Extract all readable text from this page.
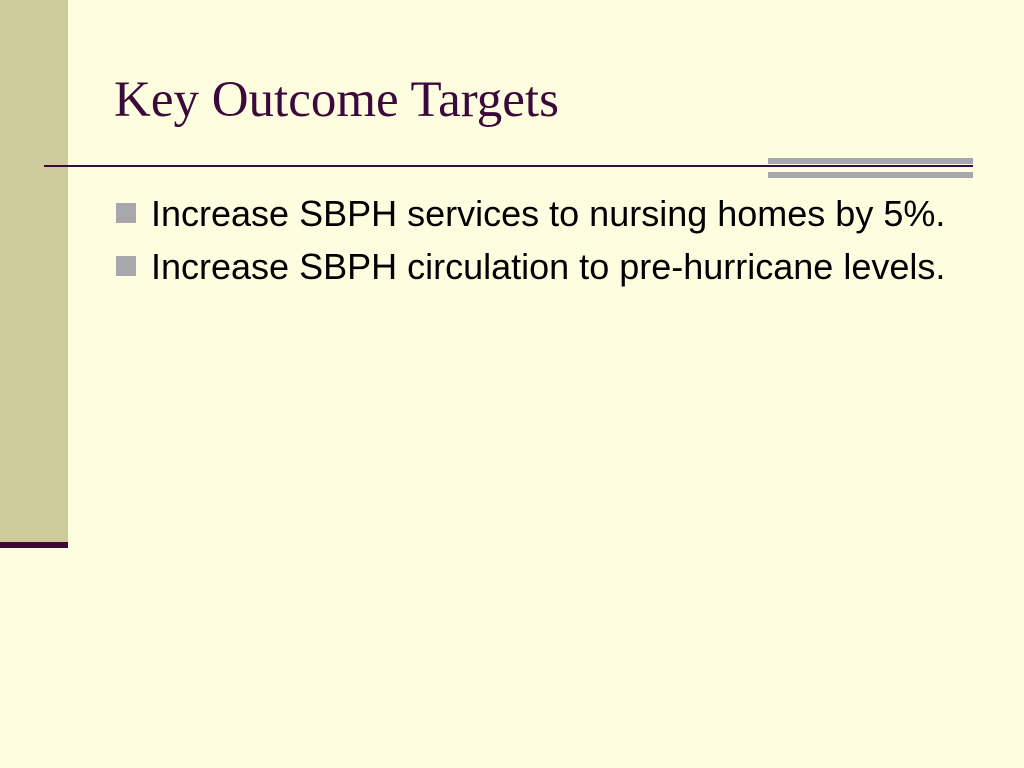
Key Outcome Targets
Increase SBPH services to nursing homes by 5%.
Increase SBPH circulation to pre-hurricane levels.
